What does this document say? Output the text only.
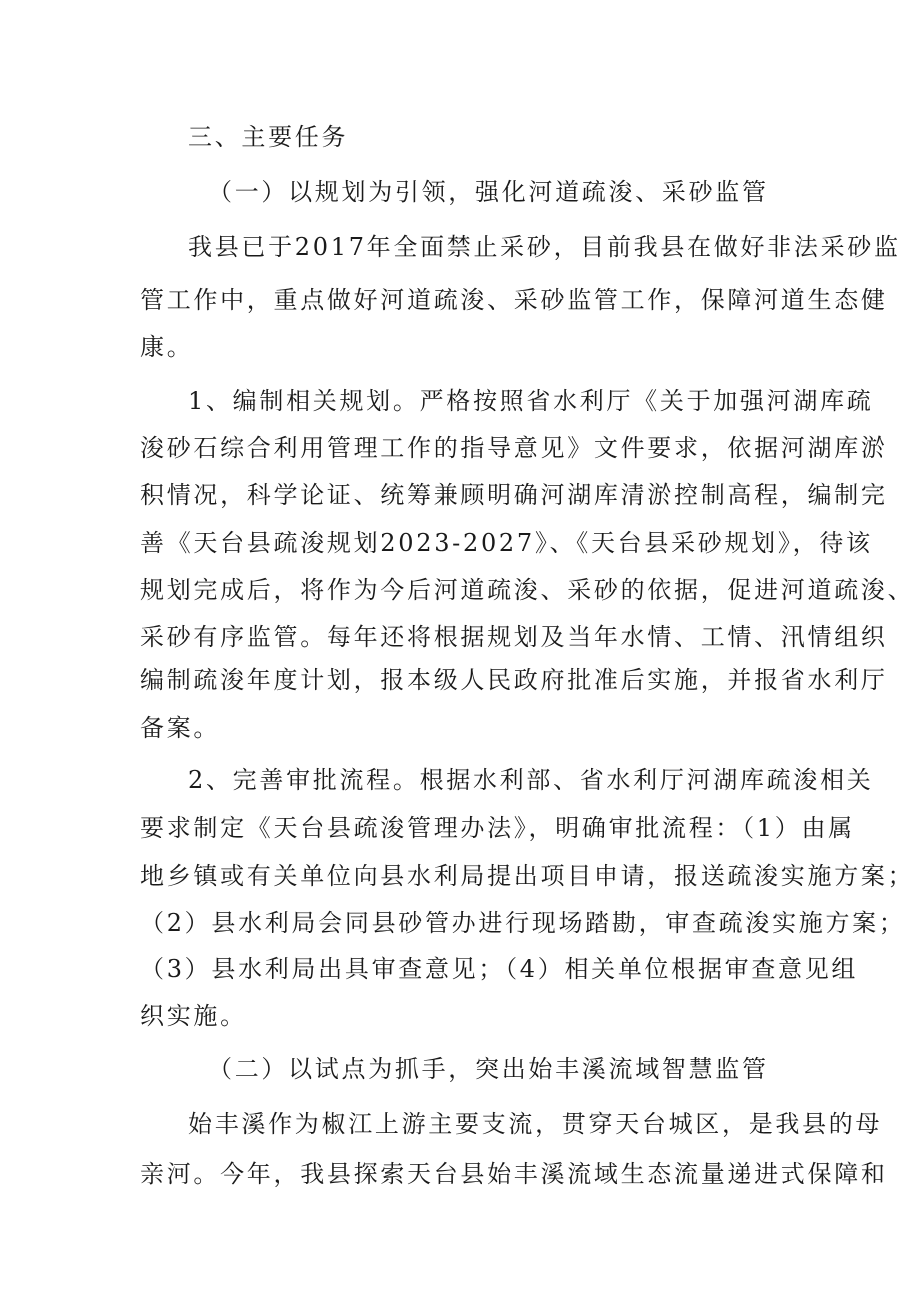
三、主要任务

（一）以规划为引领，强化河道疏浚、采砂监管

我县已于2017年全面禁止采砂，目前我县在做好非法采砂监

管工作中，重点做好河道疏浚、采砂监管工作，保障河道生态健

康。

1、编制相关规划。严格按照省水利厅《关于加强河湖库疏

浚砂石综合利用管理工作的指导意见》文件要求，依据河湖库淤

积情况，科学论证、统筹兼顾明确河湖库清淤控制高程，编制完

善《天台县疏浚规划2023-2027》、《天台县采砂规划》，待该

规划完成后，将作为今后河道疏浚、采砂的依据，促进河道疏浚、

采砂有序监管。每年还将根据规划及当年水情、工情、汛情组织

编制疏浚年度计划，报本级人民政府批准后实施，并报省水利厅

备案。

2、完善审批流程。根据水利部、省水利厅河湖库疏浚相关

要求制定《天台县疏浚管理办法》，明确审批流程：（1）由属

地乡镇或有关单位向县水利局提出项目申请，报送疏浚实施方案；

（2）县水利局会同县砂管办进行现场踏勘，审查疏浚实施方案；

（3）县水利局出具审查意见；（4）相关单位根据审查意见组

织实施。

（二）以试点为抓手，突出始丰溪流域智慧监管

始丰溪作为椒江上游主要支流，贯穿天台城区，是我县的母

亲河。今年，我县探索天台县始丰溪流域生态流量递进式保障和
